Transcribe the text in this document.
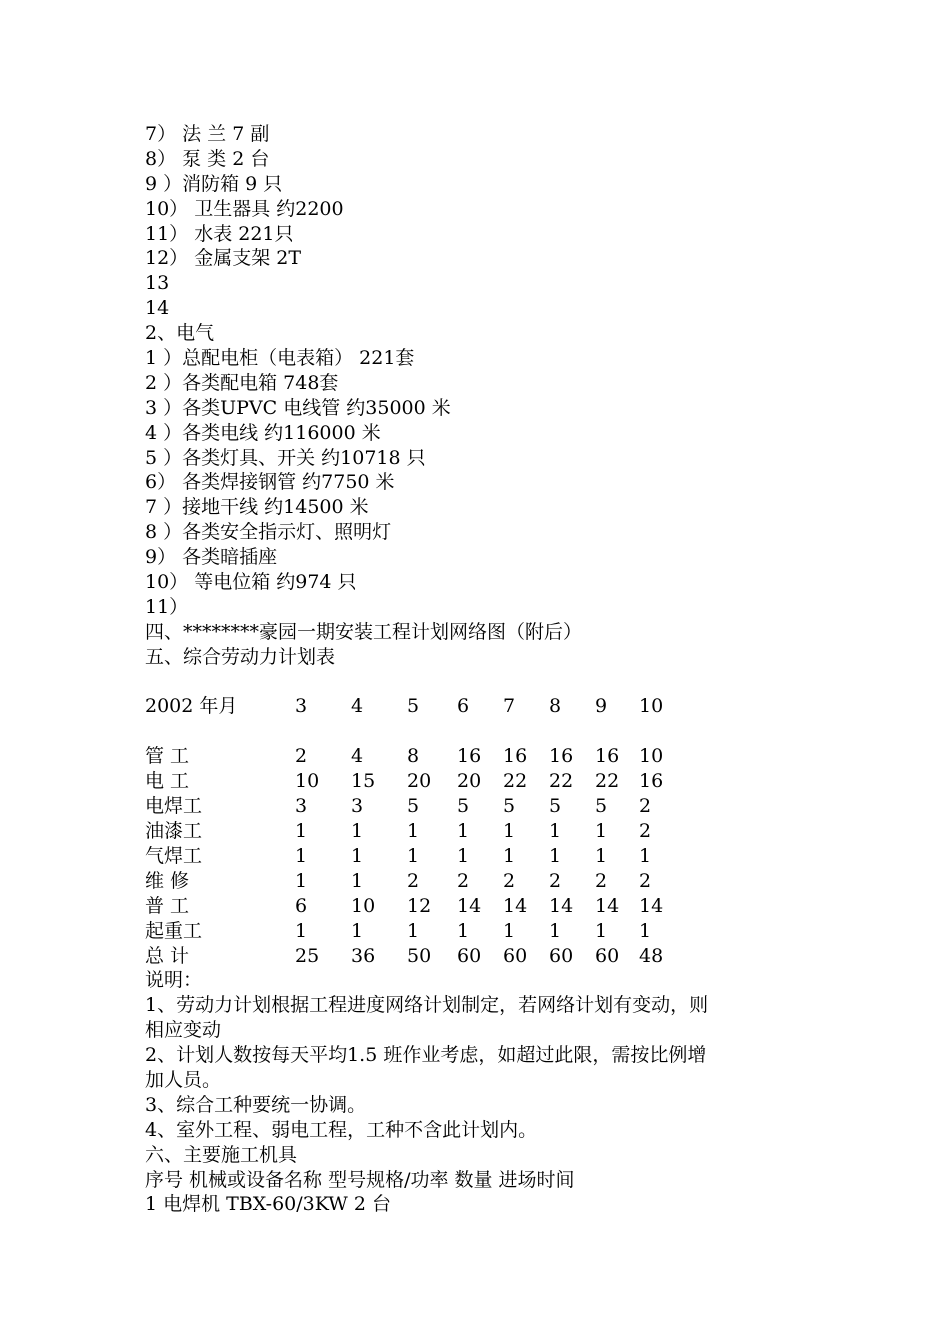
7） 法 兰 7 副
8） 泵 类 2 台
9 ）消防箱 9 只
10） 卫生器具 约2200
11） 水表 221只
12） 金属支架 2T
13
14
2、电气
1 ）总配电柜（电表箱） 221套
2 ）各类配电箱 748套
3 ）各类UPVC 电线管 约35000 米
4 ）各类电线 约116000 米
5 ）各类灯具、开关 约10718 只
6） 各类焊接钢管 约7750 米
7 ）接地干线 约14500 米
8 ）各类安全指示灯、照明灯
9） 各类暗插座
10） 等电位箱 约974 只
11）
四、********豪园一期安装工程计划网络图（附后）
五、综合劳动力计划表
2002 年月	3	4	5	6	7	8	9	10

管 工	2	4	8	16	16	16	16	10
电 工	10	15	20	20	22	22	22	16
电焊工	3	3	5	5	5	5	5	2
油漆工	1	1	1	1	1	1	1	2
气焊工	1	1	1	1	1	1	1	1
维 修	1	1	2	2	2	2	2	2
普 工	6	10	12	14	14	14	14	14
起重工	1	1	1	1	1	1	1	1
总 计	25	36	50	60	60	60	60	48
说明：
1、劳动力计划根据工程进度网络计划制定，若网络计划有变动，则
相应变动
2、计划人数按每天平均1.5 班作业考虑，如超过此限，需按比例增
加人员。
3、综合工种要统一协调。
4、室外工程、弱电工程，工种不含此计划内。
六、主要施工机具
序号 机械或设备名称 型号规格/功率 数量 进场时间
1 电焊机 TBX-60/3KW 2 台
